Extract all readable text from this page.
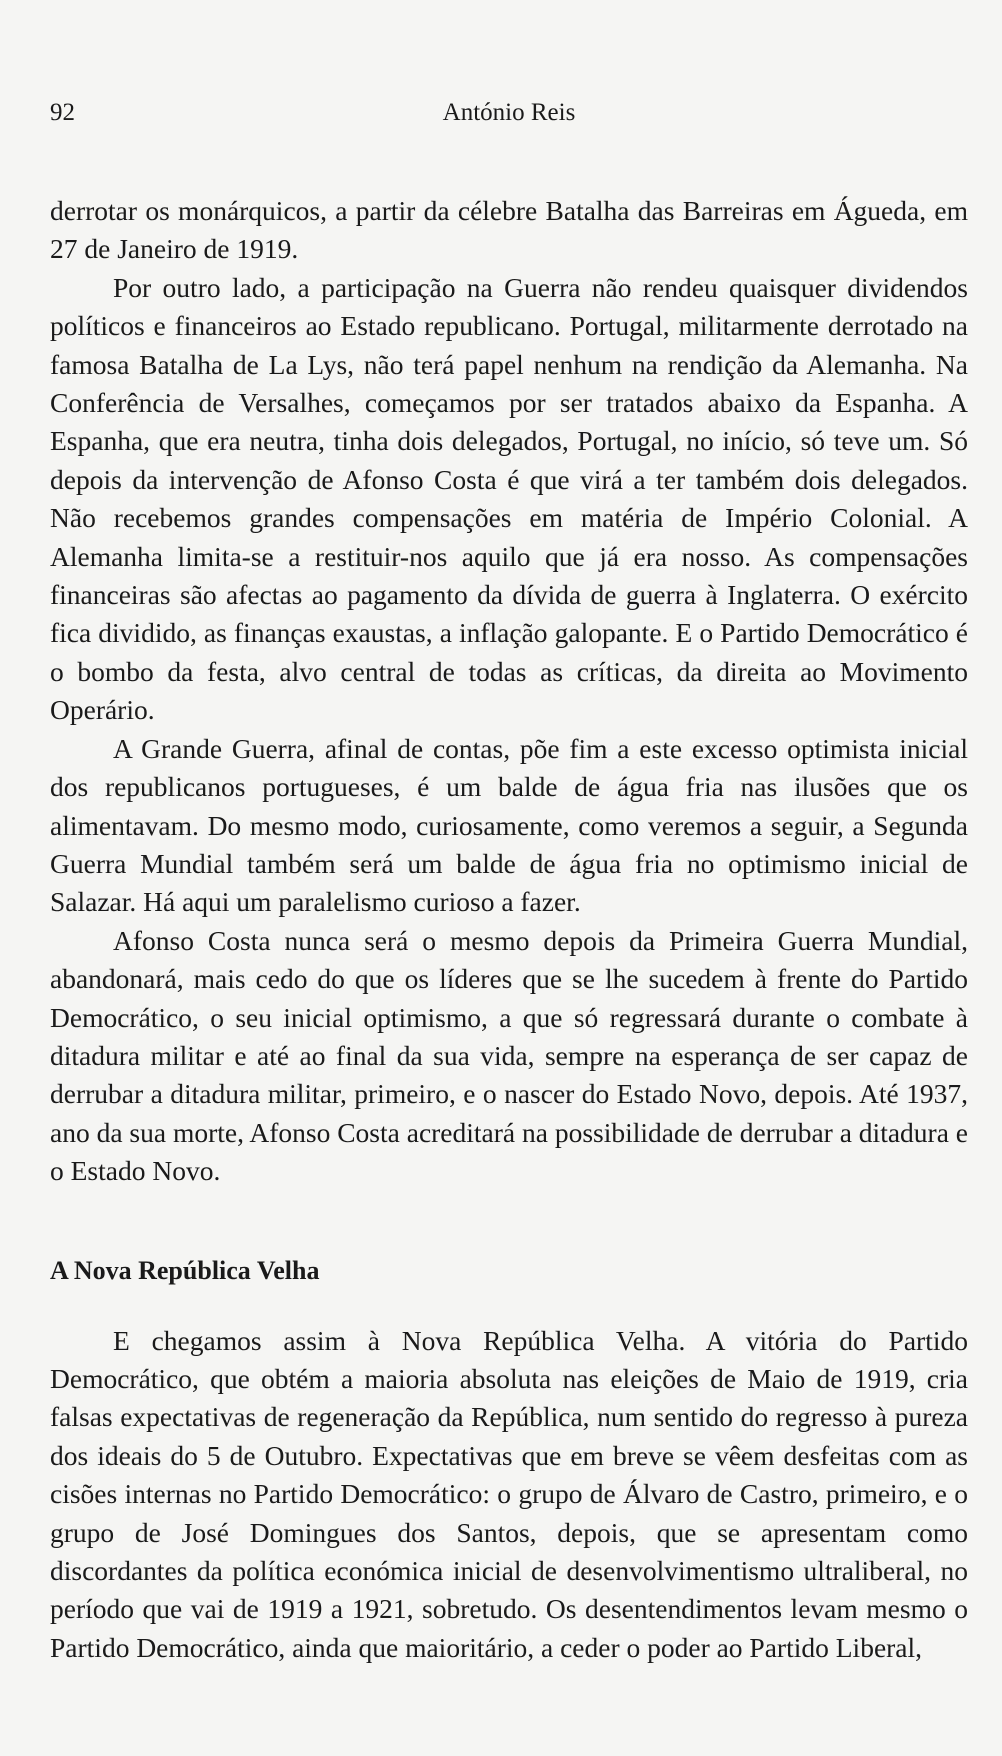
92	António Reis

derrotar os monárquicos, a partir da célebre Batalha das Barreiras em Águeda, em 27 de Janeiro de 1919.

Por outro lado, a participação na Guerra não rendeu quaisquer dividendos políticos e financeiros ao Estado republicano. Portugal, militarmente derrotado na famosa Batalha de La Lys, não terá papel nenhum na rendição da Alemanha. Na Conferência de Versalhes, começamos por ser tratados abaixo da Espanha. A Espanha, que era neutra, tinha dois delegados, Portugal, no início, só teve um. Só depois da intervenção de Afonso Costa é que virá a ter também dois delegados. Não recebemos grandes compensações em matéria de Império Colonial. A Alemanha limita-se a restituir-nos aquilo que já era nosso. As compensações financeiras são afectas ao pagamento da dívida de guerra à Inglaterra. O exército fica dividido, as finanças exaustas, a inflação galopante. E o Partido Democrático é o bombo da festa, alvo central de todas as críticas, da direita ao Movimento Operário.

A Grande Guerra, afinal de contas, põe fim a este excesso optimista inicial dos republicanos portugueses, é um balde de água fria nas ilusões que os alimentavam. Do mesmo modo, curiosamente, como veremos a seguir, a Segunda Guerra Mundial também será um balde de água fria no optimismo inicial de Salazar. Há aqui um paralelismo curioso a fazer.

Afonso Costa nunca será o mesmo depois da Primeira Guerra Mundial, abandonará, mais cedo do que os líderes que se lhe sucedem à frente do Partido Democrático, o seu inicial optimismo, a que só regressará durante o combate à ditadura militar e até ao final da sua vida, sempre na esperança de ser capaz de derrubar a ditadura militar, primeiro, e o nascer do Estado Novo, depois. Até 1937, ano da sua morte, Afonso Costa acreditará na possibilidade de derrubar a ditadura e o Estado Novo.

A Nova República Velha

E chegamos assim à Nova República Velha. A vitória do Partido Democrático, que obtém a maioria absoluta nas eleições de Maio de 1919, cria falsas expectativas de regeneração da República, num sentido do regresso à pureza dos ideais do 5 de Outubro. Expectativas que em breve se vêem desfeitas com as cisões internas no Partido Democrático: o grupo de Álvaro de Castro, primeiro, e o grupo de José Domingues dos Santos, depois, que se apresentam como discordantes da política económica inicial de desenvolvimentismo ultraliberal, no período que vai de 1919 a 1921, sobretudo. Os desentendimentos levam mesmo o Partido Democrático, ainda que maioritário, a ceder o poder ao Partido Liberal,
